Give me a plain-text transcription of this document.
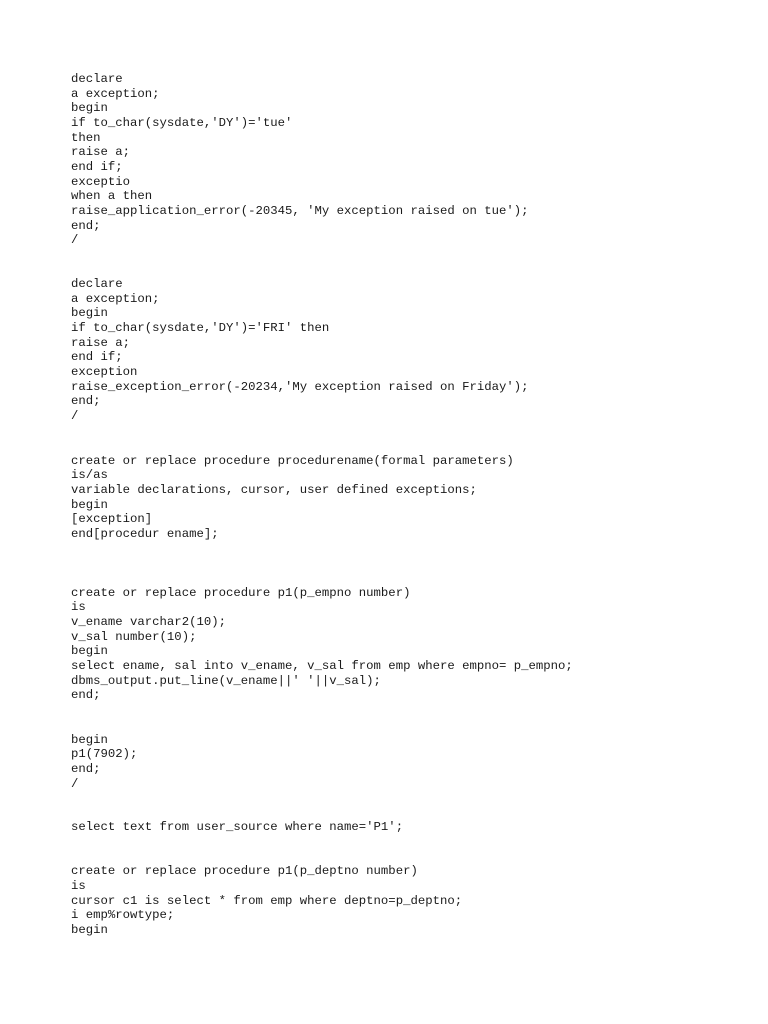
declare

a exception;

begin

if to_char(sysdate,'DY')='tue'

then

raise a;

end if;

exceptio

when a then

raise_application_error(-20345, 'My exception raised on tue');

end;

/

declare

a exception;

begin

if to_char(sysdate,'DY')='FRI' then

raise a;

end if;

exception

raise_exception_error(-20234,'My exception raised on Friday');

end;

/

create or replace procedure procedurename(formal parameters)

is/as

variable declarations, cursor, user defined exceptions;

begin

[exception]

end[procedur ename];

create or replace procedure p1(p_empno number)

is

v_ename varchar2(10);

v_sal number(10);

begin

select ename, sal into v_ename, v_sal from emp where empno= p_empno;

dbms_output.put_line(v_ename||' '||v_sal);

end;

begin

p1(7902);

end;

/

select text from user_source where name='P1';

create or replace procedure p1(p_deptno number)

is

cursor c1 is select * from emp where deptno=p_deptno;

i emp%rowtype;

begin
